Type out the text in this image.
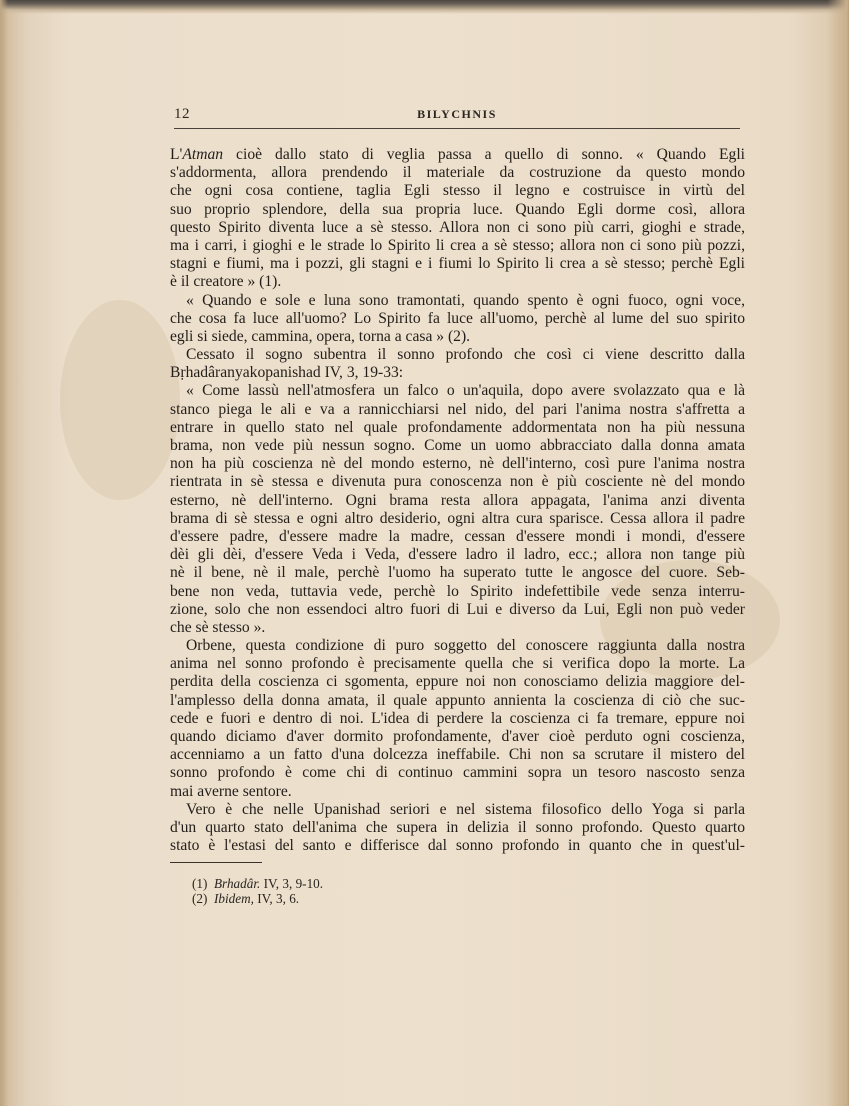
12	BILYCHNIS
L'Atman cioè dallo stato di veglia passa a quello di sonno. « Quando Egli
s'addormenta, allora prendendo il materiale da costruzione da questo mondo
che ogni cosa contiene, taglia Egli stesso il legno e costruisce in virtù del
suo proprio splendore, della sua propria luce. Quando Egli dorme così, allora
questo Spirito diventa luce a sè stesso. Allora non ci sono più carri, gioghi e strade,
ma i carri, i gioghi e le strade lo Spirito li crea a sè stesso; allora non ci sono più pozzi,
stagni e fiumi, ma i pozzi, gli stagni e i fiumi lo Spirito li crea a sè stesso; perchè Egli
è il creatore » (1).
« Quando e sole e luna sono tramontati, quando spento è ogni fuoco, ogni voce,
che cosa fa luce all'uomo? Lo Spirito fa luce all'uomo, perchè al lume del suo spirito
egli si siede, cammina, opera, torna a casa » (2).
Cessato il sogno subentra il sonno profondo che così ci viene descritto dalla
Bṛhadâranyakopanishad IV, 3, 19-33:
« Come lassù nell'atmosfera un falco o un'aquila, dopo avere svolazzato qua e là
stanco piega le ali e va a rannicchiarsi nel nido, del pari l'anima nostra s'affretta a
entrare in quello stato nel quale profondamente addormentata non ha più nessuna
brama, non vede più nessun sogno. Come un uomo abbracciato dalla donna amata
non ha più coscienza nè del mondo esterno, nè dell'interno, così pure l'anima nostra
rientrata in sè stessa e divenuta pura conoscenza non è più cosciente nè del mondo
esterno, nè dell'interno. Ogni brama resta allora appagata, l'anima anzi diventa
brama di sè stessa e ogni altro desiderio, ogni altra cura sparisce. Cessa allora il padre
d'essere padre, d'essere madre la madre, cessan d'essere mondi i mondi, d'essere
dèi gli dèi, d'essere Veda i Veda, d'essere ladro il ladro, ecc.; allora non tange più
nè il bene, nè il male, perchè l'uomo ha superato tutte le angosce del cuore. Seb-
bene non veda, tuttavia vede, perchè lo Spirito indefettibile vede senza interru-
zione, solo che non essendoci altro fuori di Lui e diverso da Lui, Egli non può veder
che sè stesso ».
Orbene, questa condizione di puro soggetto del conoscere raggiunta dalla nostra
anima nel sonno profondo è precisamente quella che si verifica dopo la morte. La
perdita della coscienza ci sgomenta, eppure noi non conosciamo delizia maggiore del-
l'amplesso della donna amata, il quale appunto annienta la coscienza di ciò che suc-
cede e fuori e dentro di noi. L'idea di perdere la coscienza ci fa tremare, eppure noi
quando diciamo d'aver dormito profondamente, d'aver cioè perduto ogni coscienza,
accenniamo a un fatto d'una dolcezza ineffabile. Chi non sa scrutare il mistero del
sonno profondo è come chi di continuo cammini sopra un tesoro nascosto senza
mai averne sentore.
Vero è che nelle Upanishad seriori e nel sistema filosofico dello Yoga si parla
d'un quarto stato dell'anima che supera in delizia il sonno profondo. Questo quarto
stato è l'estasi del santo e differisce dal sonno profondo in quanto che in quest'ul-
(1) Brhadâr. IV, 3, 9-10.
(2) Ibidem, IV, 3, 6.
